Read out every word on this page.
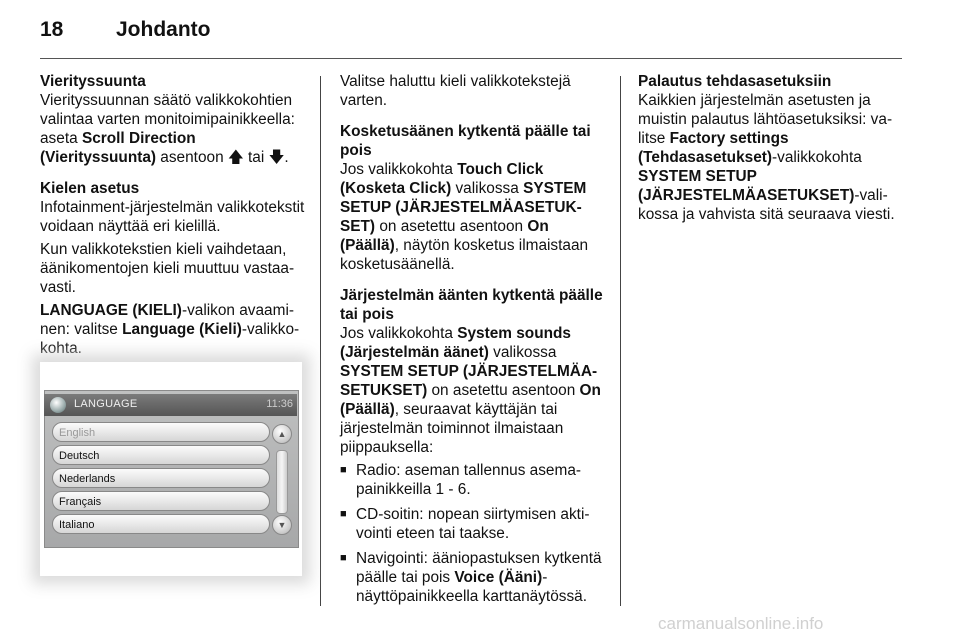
18	Johdanto
Vierityssuunta

Vierityssuunnan säätö valikkokohtien valintaa varten monitoimipainikkeella: aseta Scroll Direction (Vierityssuunta) asentoon 🡅 tai 🡇.

Kielen asetus

Infotainment-järjestelmän valikkotekstit voidaan näyttää eri kielillä.

Kun valikkotekstien kieli vaihdetaan, äänikomentojen kieli muuttuu vastaavasti.

LANGUAGE (KIELI)-valikon avaaminen: valitse Language (Kieli)-valikkokohta.

LANGUAGE	11:36
English
Deutsch
Nederlands
Français
Italiano
▲
▼

Valitse haluttu kieli valikkotekstejä varten.

Kosketusäänen kytkentä päälle tai pois

Jos valikkokohta Touch Click (Kosketa Click) valikossa SYSTEM SETUP (JÄRJESTELMÄASETUKSET) on asetettu asentoon On (Päällä), näytön kosketus ilmaistaan kosketusäänellä.

Järjestelmän äänten kytkentä päälle tai pois

Jos valikkokohta System sounds (Järjestelmän äänet) valikossa SYSTEM SETUP (JÄRJESTELMÄASETUKSET) on asetettu asentoon On (Päällä), seuraavat käyttäjän tai järjestelmän toiminnot ilmaistaan piippauksella:

■ Radio: aseman tallennus asemapainikkeilla 1 - 6.
■ CD-soitin: nopean siirtymisen aktivointi eteen tai taakse.
■ Navigointi: ääniopastuksen kytkentä päälle tai pois Voice (Ääni)-näyttöpainikkeella karttanäytössä.
Palautus tehdasasetuksiin

Kaikkien järjestelmän asetusten ja muistin palautus lähtöasetuksiksi: valitse Factory settings (Tehdasasetukset)-valikkokohta SYSTEM SETUP (JÄRJESTELMÄASETUKSET)-valikossa ja vahvista sitä seuraava viesti.

carmanualsonline.info
